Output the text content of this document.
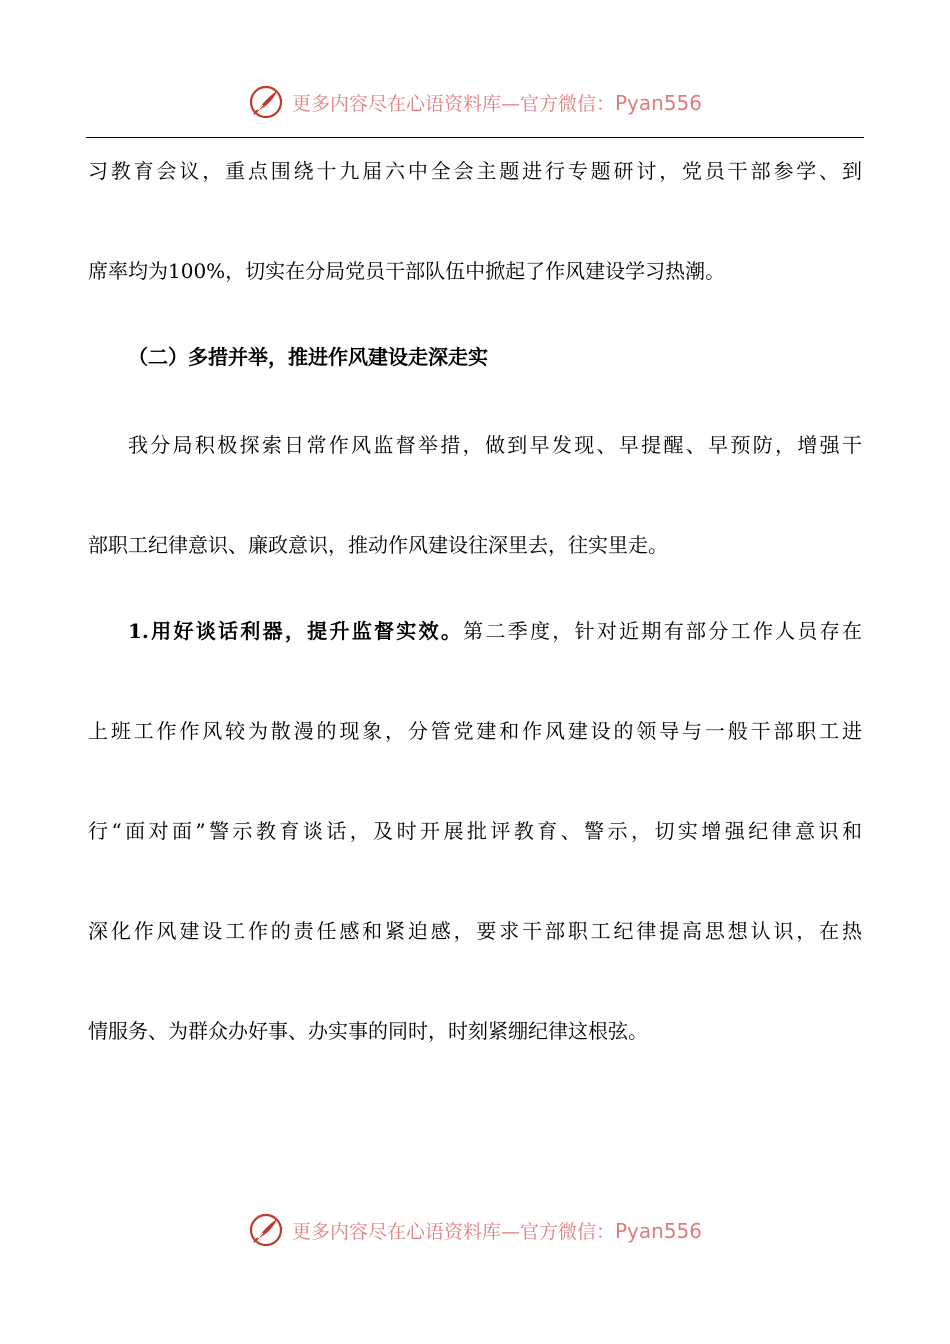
更多内容尽在心语资料库—官方微信：Pyan556
习教育会议，重点围绕十九届六中全会主题进行专题研讨，党员干部参学、到
席率均为100%，切实在分局党员干部队伍中掀起了作风建设学习热潮。
（二）多措并举，推进作风建设走深走实
我分局积极探索日常作风监督举措，做到早发现、早提醒、早预防，增强干
部职工纪律意识、廉政意识，推动作风建设往深里去，往实里走。
1.用好谈话利器，提升监督实效。第二季度，针对近期有部分工作人员存在
上班工作作风较为散漫的现象，分管党建和作风建设的领导与一般干部职工进
行“面对面”警示教育谈话，及时开展批评教育、警示，切实增强纪律意识和
深化作风建设工作的责任感和紧迫感，要求干部职工纪律提高思想认识，在热
情服务、为群众办好事、办实事的同时，时刻紧绷纪律这根弦。
更多内容尽在心语资料库—官方微信：Pyan556
